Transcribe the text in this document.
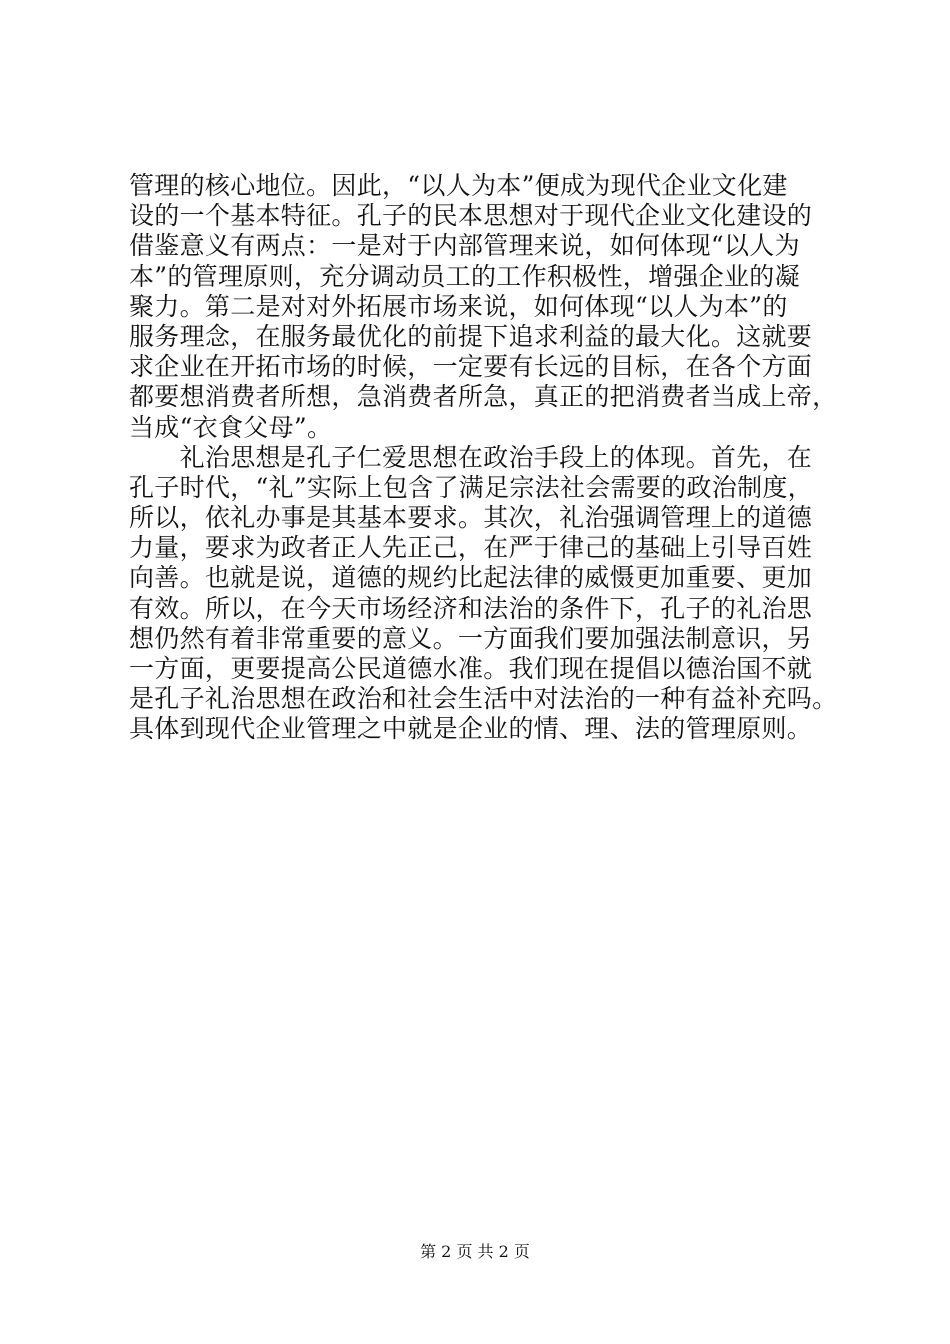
管理的核心地位。因此，“以人为本”便成为现代企业文化建
设的一个基本特征。孔子的民本思想对于现代企业文化建设的
借鉴意义有两点：一是对于内部管理来说，如何体现“以人为
本”的管理原则，充分调动员工的工作积极性，增强企业的凝
聚力。第二是对对外拓展市场来说，如何体现“以人为本”的
服务理念，在服务最优化的前提下追求利益的最大化。这就要
求企业在开拓市场的时候，一定要有长远的目标，在各个方面
都要想消费者所想，急消费者所急，真正的把消费者当成上帝，
当成“衣食父母”。
　　礼治思想是孔子仁爱思想在政治手段上的体现。首先，在
孔子时代，“礼”实际上包含了满足宗法社会需要的政治制度，
所以，依礼办事是其基本要求。其次，礼治强调管理上的道德
力量，要求为政者正人先正己，在严于律己的基础上引导百姓
向善。也就是说，道德的规约比起法律的威慑更加重要、更加
有效。所以，在今天市场经济和法治的条件下，孔子的礼治思
想仍然有着非常重要的意义。一方面我们要加强法制意识，另
一方面，更要提高公民道德水准。我们现在提倡以德治国不就
是孔子礼治思想在政治和社会生活中对法治的一种有益补充吗。
具体到现代企业管理之中就是企业的情、理、法的管理原则。
第 2 页 共 2 页
